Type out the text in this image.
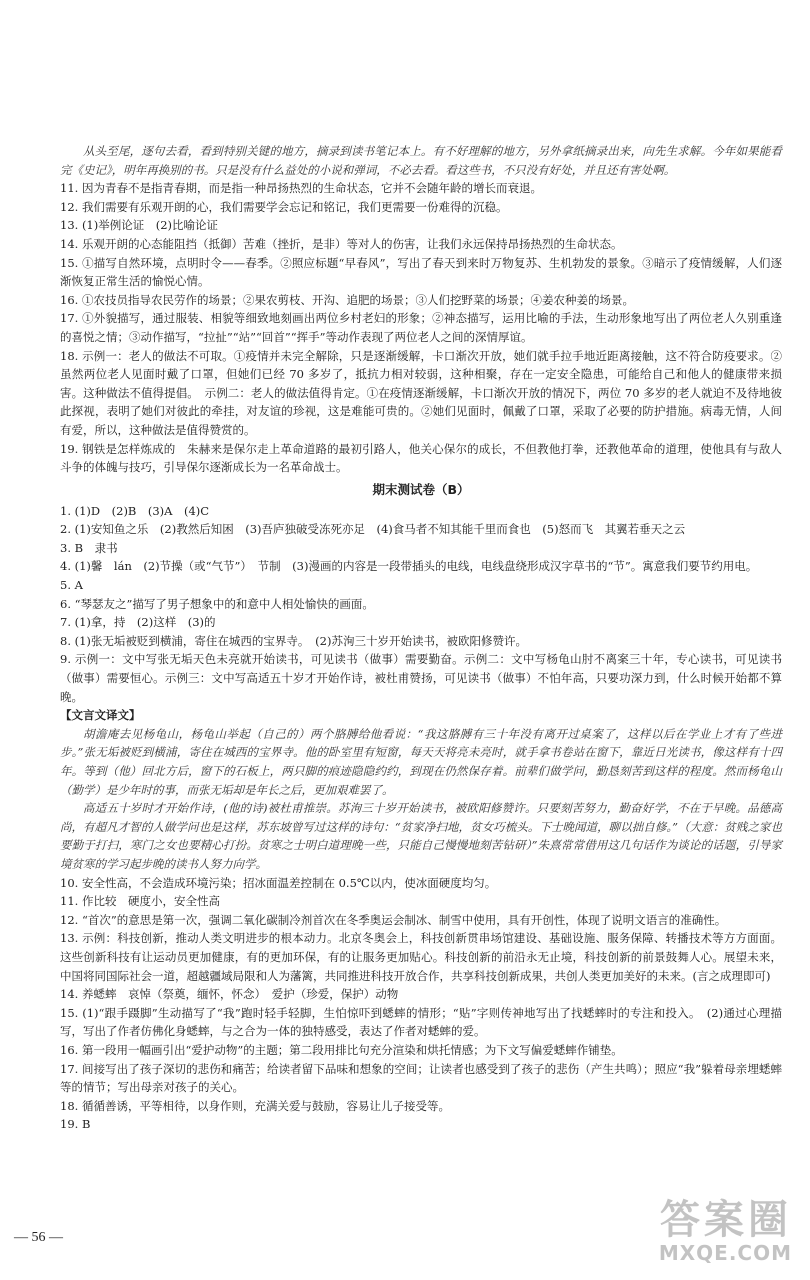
从头至尾，逐句去看，看到特别关键的地方，摘录到读书笔记本上。有不好理解的地方，另外拿纸摘录出来，向先生求解。今年如果能看完《史记》，明年再换别的书。只是没有什么益处的小说和弹词，不必去看。看这些书，不只没有好处，并且还有害处啊。

11. 因为青春不是指青春期，而是指一种昂扬热烈的生命状态，它并不会随年龄的增长而衰退。

12. 我们需要有乐观开朗的心，我们需要学会忘记和铭记，我们更需要一份难得的沉稳。

13. (1)举例论证　(2)比喻论证

14. 乐观开朗的心态能阻挡（抵御）苦难（挫折，是非）等对人的伤害，让我们永远保持昂扬热烈的生命状态。

15. ①描写自然环境，点明时令——春季。②照应标题“早春风”，写出了春天到来时万物复苏、生机勃发的景象。③暗示了疫情缓解，人们逐渐恢复正常生活的愉悦心情。

16. ①农技员指导农民劳作的场景；②果农剪枝、开沟、追肥的场景；③人们挖野菜的场景；④姜农种姜的场景。

17. ①外貌描写，通过服装、相貌等细致地刻画出两位乡村老妇的形象；②神态描写，运用比喻的手法，生动形象地写出了两位老人久别重逢的喜悦之情；③动作描写，“拉扯”“站”“回首”“挥手”等动作表现了两位老人之间的深情厚谊。

18. 示例一：老人的做法不可取。①疫情并未完全解除，只是逐渐缓解，卡口渐次开放，她们就手拉手地近距离接触，这不符合防疫要求。②虽然两位老人见面时戴了口罩，但她们已经 70 多岁了，抵抗力相对较弱，这种相聚，存在一定安全隐患，可能给自己和他人的健康带来损害。这种做法不值得提倡。　示例二：老人的做法值得肯定。①在疫情逐渐缓解，卡口渐次开放的情况下，两位 70 多岁的老人就迫不及待地彼此探视，表明了她们对彼此的牵挂，对友谊的珍视，这是难能可贵的。②她们见面时，佩戴了口罩，采取了必要的防护措施。病毒无情，人间有爱，所以，这种做法是值得赞赏的。

19. 钢铁是怎样炼成的　朱赫来是保尔走上革命道路的最初引路人，他关心保尔的成长，不但教他打拳，还教他革命的道理，使他具有与敌人斗争的体魄与技巧，引导保尔逐渐成长为一名革命战士。

期末测试卷（B）

1. (1)D　(2)B　(3)A　(4)C

2. (1)安知鱼之乐　(2)教然后知困　(3)吾庐独破受冻死亦足　(4)食马者不知其能千里而食也　(5)怒而飞　其翼若垂天之云

3. B　隶书

4. (1)馨　lán　(2)节操（或“气节”）　节制　(3)漫画的内容是一段带插头的电线，电线盘绕形成汉字草书的“节”。寓意我们要节约用电。

5. A

6. “琴瑟友之”描写了男子想象中的和意中人相处愉快的画面。

7. (1)拿，持　(2)这样　(3)的

8. (1)张无垢被贬到横浦，寄住在城西的宝界寺。　(2)苏洵三十岁开始读书，被欧阳修赞许。

9. 示例一：文中写张无垢天色未亮就开始读书，可见读书（做事）需要勤奋。示例二：文中写杨龟山肘不离案三十年，专心读书，可见读书（做事）需要恒心。示例三：文中写高适五十岁才开始作诗，被杜甫赞扬，可见读书（做事）不怕年高，只要功深力到，什么时候开始都不算晚。

【文言文译文】

胡澹庵去见杨龟山，杨龟山举起（自己的）两个胳膊给他看说：“我这胳膊有三十年没有离开过桌案了，这样以后在学业上才有了些进步。”张无垢被贬到横浦，寄住在城西的宝界寺。他的卧室里有短窗，每天天将亮未亮时，就手拿书卷站在窗下，靠近日光读书，像这样有十四年。等到（他）回北方后，窗下的石板上，两只脚的痕迹隐隐约约，到现在仍然保存着。前辈们做学问，勤恳刻苦到这样的程度。然而杨龟山（勤学）是少年时的事，而张无垢却是年长之后，更加艰难罢了。

高适五十岁时才开始作诗，(他的诗)被杜甫推崇。苏洵三十岁开始读书，被欧阳修赞许。只要刻苦努力，勤奋好学，不在于早晚。品德高尚，有超凡才智的人做学问也是这样，苏东坡曾写过这样的诗句：“贫家净扫地，贫女巧梳头。下士晚闻道，聊以拙自修。”（大意：贫贱之家也要勤于打扫，寒门之女也要精心打扮。贫寒之士明白道理晚一些，只能自己慢慢地刻苦钻研）”朱熹常常借用这几句话作为谈论的话题，引导家境贫寒的学习起步晚的读书人努力向学。

10. 安全性高，不会造成环境污染；招冰面温差控制在 0.5℃以内，使冰面硬度均匀。

11. 作比较　硬度小，安全性高

12. “首次”的意思是第一次，强调二氧化碳制冷剂首次在冬季奥运会制冰、制雪中使用，具有开创性，体现了说明文语言的准确性。

13. 示例：科技创新，推动人类文明进步的根本动力。北京冬奥会上，科技创新贯串场馆建设、基础设施、服务保障、转播技术等方方面面。这些创新科技有让运动员更加健康，有的更加环保，有的让服务更加贴心。科技创新的前沿永无止境，科技创新的前景鼓舞人心。展望未来，中国将同国际社会一道，超越疆域局限和人为藩篱，共同推进科技开放合作，共享科技创新成果，共创人类更加美好的未来。(言之成理即可)

14. 养蟋蟀　哀悼（祭奠，缅怀，怀念）　爱护（珍爱，保护）动物

15. (1)“跟手蹑脚”生动描写了“我”跑时轻手轻脚，生怕惊吓到蟋蟀的情形；“贴”字则传神地写出了找蟋蟀时的专注和投入。　(2)通过心理描写，写出了作者仿佛化身蟋蟀，与之合为一体的独特感受，表达了作者对蟋蟀的爱。

16. 第一段用一幅画引出“爱护动物”的主题；第二段用排比句充分渲染和烘托情感；为下文写偏爱蟋蟀作铺垫。

17. 间接写出了孩子深切的悲伤和痛苦；给读者留下品味和想象的空间；让读者也感受到了孩子的悲伤（产生共鸣）；照应“我”躲着母亲埋蟋蟀等的情节；写出母亲对孩子的关心。

18. 循循善诱，平等相待，以身作则，充满关爱与鼓励，容易让儿子接受等。

19. B

— 56 —	答案圈
MXQE.COM
